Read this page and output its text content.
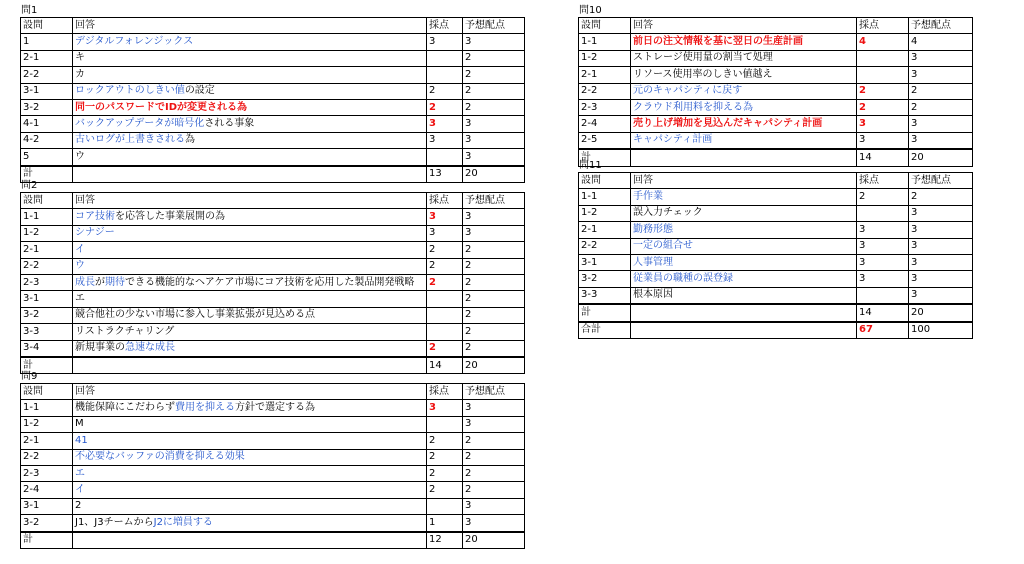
問1
設問	回答	採点	予想配点
1	デジタルフォレンジックス	3	3
2-1	キ		2
2-2	カ		2
3-1	ロックアウトのしきい値の設定	2	2
3-2	同一のパスワードでIDが変更される為	2	2
4-1	バックアップデータが暗号化される事象	3	3
4-2	古いログが上書きされる為	3	3
5	ウ		3
計		13	20
問2
設問	回答	採点	予想配点
1-1	コア技術を応答した事業展開の為	3	3
1-2	シナジー	3	3
2-1	イ	2	2
2-2	ウ	2	2
2-3	成長が期待できる機能的なヘアケア市場にコア技術を応用した製品開発戦略	2	2
3-1	エ		2
3-2	競合他社の少ない市場に参入し事業拡張が見込める点		2
3-3	リストラクチャリング		2
3-4	新規事業の急速な成長	2	2
計		14	20
問9
設問	回答	採点	予想配点
1-1	機能保障にこだわらず費用を抑える方針で選定する為	3	3
1-2	M		3
2-1	41	2	2
2-2	不必要なバッファの消費を抑える効果	2	2
2-3	エ	2	2
2-4	イ	2	2
3-1	2		3
3-2	J1、J3チームからJ2に増員する	1	3
計		12	20
問10
設問	回答	採点	予想配点
1-1	前日の注文情報を基に翌日の生産計画	4	4
1-2	ストレージ使用量の割当て処理		3
2-1	リソース使用率のしきい値越え		3
2-2	元のキャパシティに戻す	2	2
2-3	クラウド利用料を抑える為	2	2
2-4	売り上げ増加を見込んだキャパシティ計画	3	3
2-5	キャパシティ計画	3	3
計		14	20
問11
設問	回答	採点	予想配点
1-1	手作業	2	2
1-2	誤入力チェック		3
2-1	勤務形態	3	3
2-2	一定の組合せ	3	3
3-1	人事管理	3	3
3-2	従業員の職種の誤登録	3	3
3-3	根本原因		3
計		14	20
合計		67	100
